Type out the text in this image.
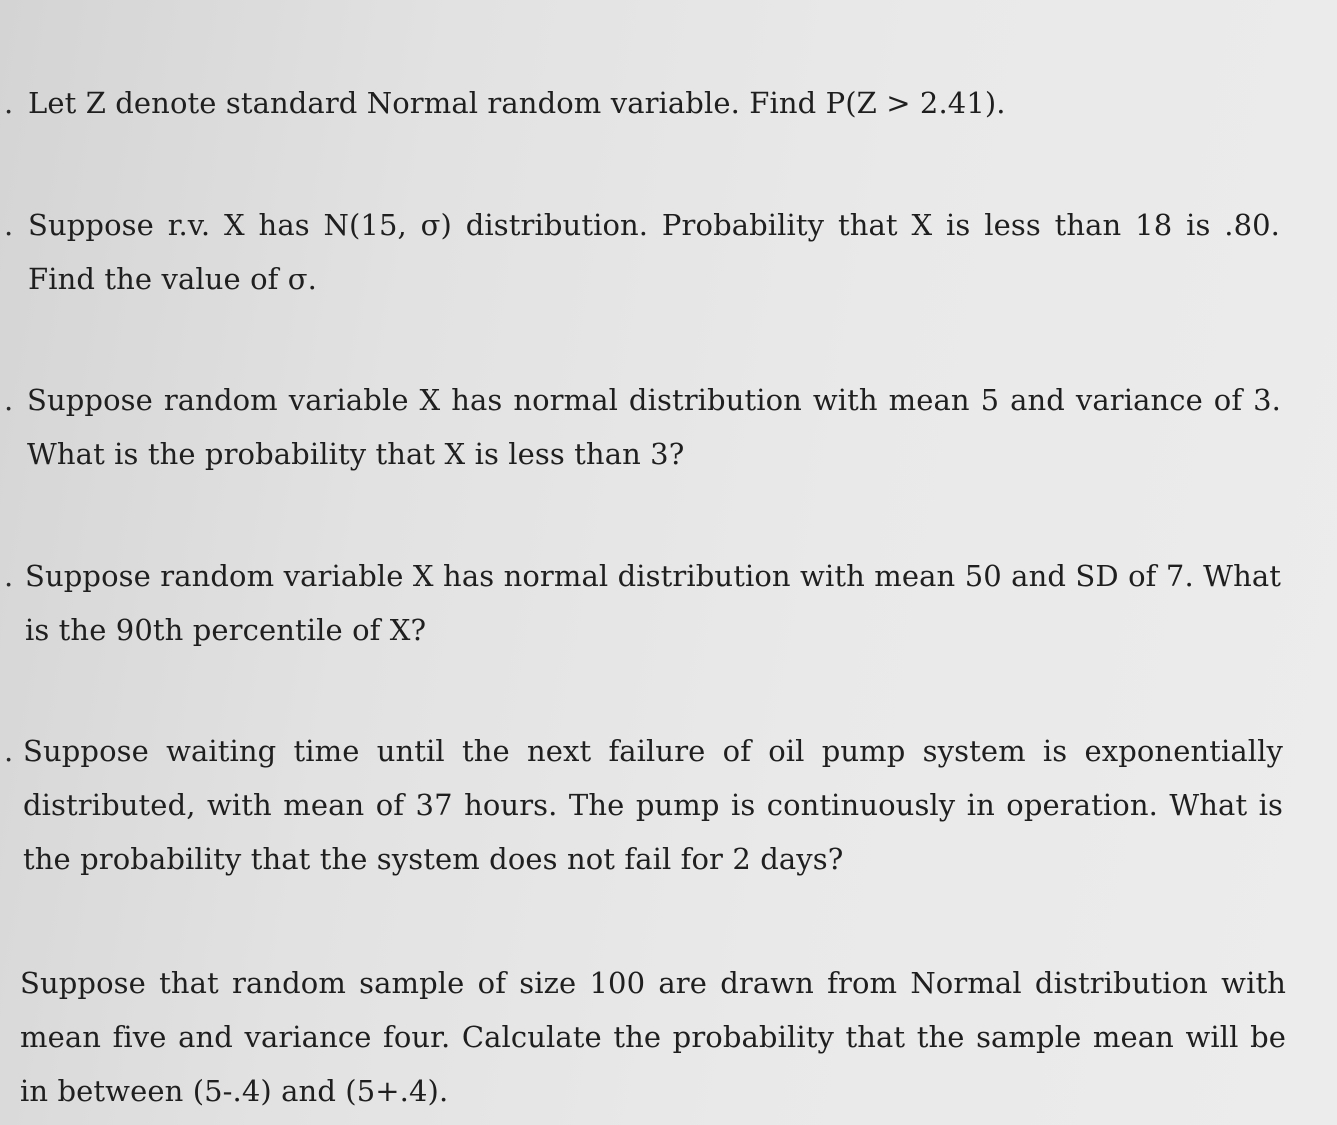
. Let Z denote standard Normal random variable. Find P(Z > 2.41).
. Suppose r.v. X has N(15, σ) distribution. Probability that X is less than 18 is .80. Find the value of σ.
. Suppose random variable X has normal distribution with mean 5 and variance of 3. What is the probability that X is less than 3?
. Suppose random variable X has normal distribution with mean 50 and SD of 7. What is the 90th percentile of X?
. Suppose waiting time until the next failure of oil pump system is exponentially distributed, with mean of 37 hours. The pump is continuously in operation. What is the probability that the system does not fail for 2 days?
Suppose that random sample of size 100 are drawn from Normal distribution with mean five and variance four. Calculate the probability that the sample mean will be in between (5-.4) and (5+.4).
